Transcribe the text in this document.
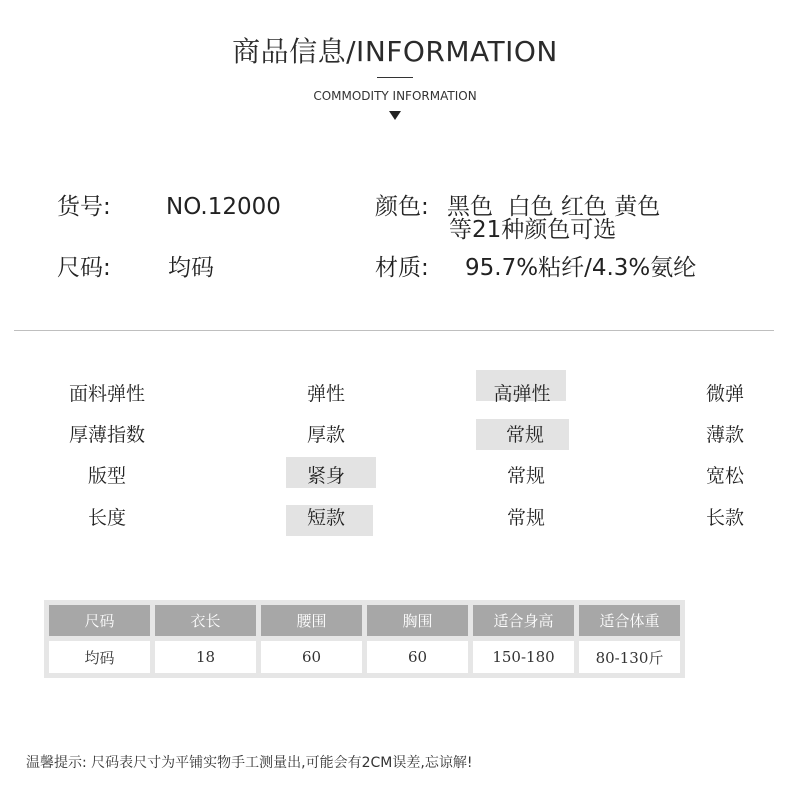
商品信息/INFORMATION
COMMODITY INFORMATION
货号: NO.12000	颜色: 黑色  白色 红色 黄色
等21种颜色可选
尺码: 均码	材质: 95.7%粘纤/4.3%氨纶
面料弹性	弹性	高弹性	微弹
厚薄指数	厚款	常规	薄款
版型	紧身	常规	宽松
长度	短款	常规	长款
尺码	衣长	腰围	胸围	适合身高	适合体重
均码	18	60	60	150-180	80-130斤
温馨提示: 尺码表尺寸为平铺实物手工测量出,可能会有2CM误差,忘谅解!
